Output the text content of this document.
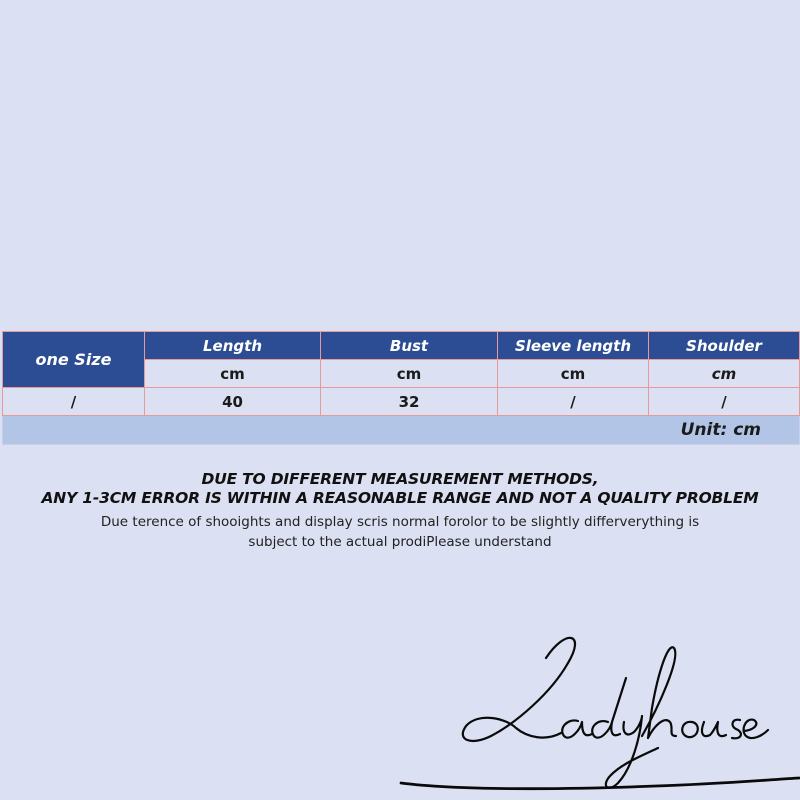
one Size	Length	Bust	Sleeve length	Shoulder
	cm	cm	cm	cm
/	40	32	/	/
Unit: cm				
DUE TO DIFFERENT MEASUREMENT METHODS,
ANY 1-3CM ERROR IS WITHIN A REASONABLE RANGE AND NOT A QUALITY PROBLEM
Due terence of shooights and display scris normal forolor to be slightly differverything is
subject to the actual prodiPlease understand
